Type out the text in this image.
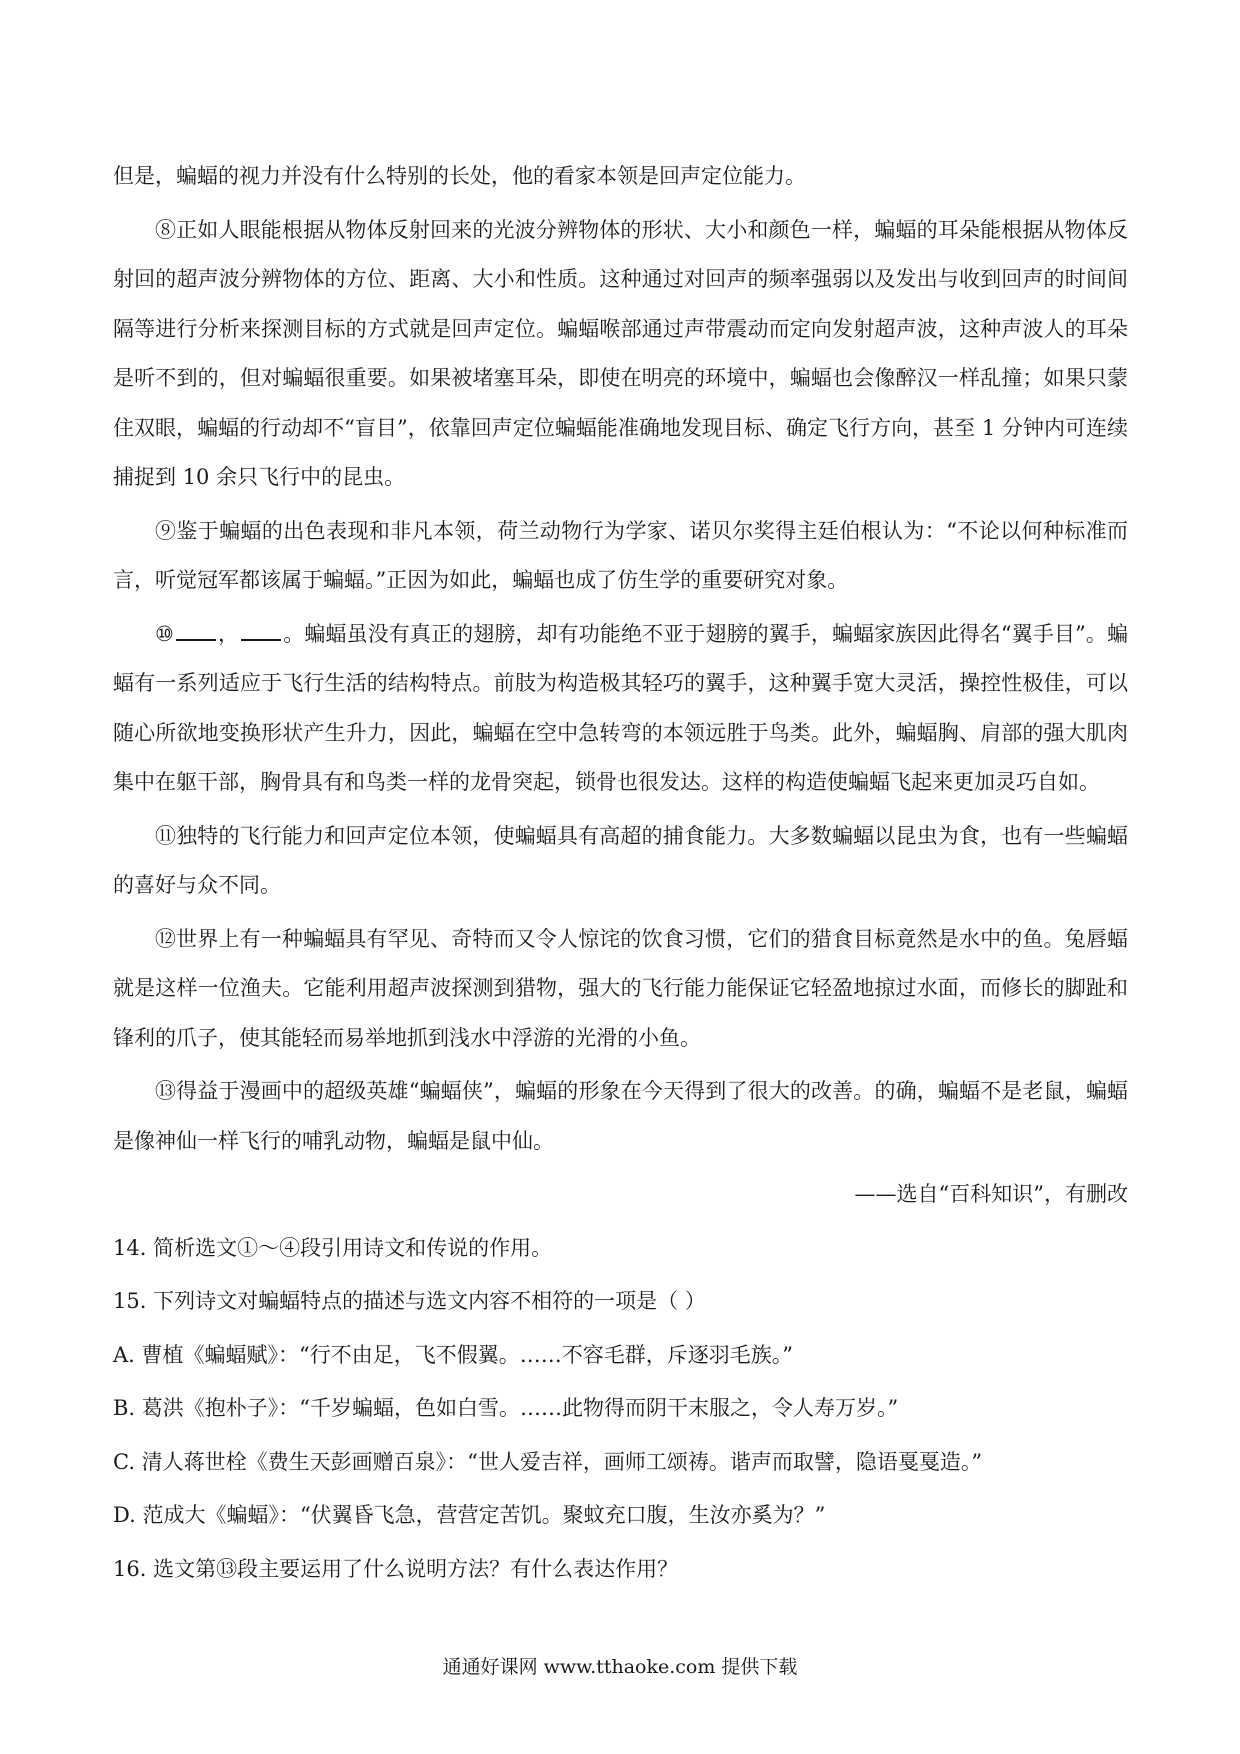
但是，蝙蝠的视力并没有什么特别的长处，他的看家本领是回声定位能力。

⑧正如人眼能根据从物体反射回来的光波分辨物体的形状、大小和颜色一样，蝙蝠的耳朵能根据从物体反射回的超声波分辨物体的方位、距离、大小和性质。这种通过对回声的频率强弱以及发出与收到回声的时间间隔等进行分析来探测目标的方式就是回声定位。蝙蝠喉部通过声带震动而定向发射超声波，这种声波人的耳朵是听不到的，但对蝙蝠很重要。如果被堵塞耳朵，即使在明亮的环境中，蝙蝠也会像醉汉一样乱撞；如果只蒙住双眼，蝙蝠的行动却不“盲目”，依靠回声定位蝙蝠能准确地发现目标、确定飞行方向，甚至 1 分钟内可连续捕捉到 10 余只飞行中的昆虫。

⑨鉴于蝙蝠的出色表现和非凡本领，荷兰动物行为学家、诺贝尔奖得主廷伯根认为：“不论以何种标准而言，听觉冠军都该属于蝙蝠。”正因为如此，蝙蝠也成了仿生学的重要研究对象。

⑩ ， 。蝙蝠虽没有真正的翅膀，却有功能绝不亚于翅膀的翼手，蝙蝠家族因此得名“翼手目”。蝙蝠有一系列适应于飞行生活的结构特点。前肢为构造极其轻巧的翼手，这种翼手宽大灵活，操控性极佳，可以随心所欲地变换形状产生升力，因此，蝙蝠在空中急转弯的本领远胜于鸟类。此外，蝙蝠胸、肩部的强大肌肉集中在躯干部，胸骨具有和鸟类一样的龙骨突起，锁骨也很发达。这样的构造使蝙蝠飞起来更加灵巧自如。

⑪独特的飞行能力和回声定位本领，使蝙蝠具有高超的捕食能力。大多数蝙蝠以昆虫为食，也有一些蝙蝠的喜好与众不同。

⑫世界上有一种蝙蝠具有罕见、奇特而又令人惊诧的饮食习惯，它们的猎食目标竟然是水中的鱼。兔唇蝠就是这样一位渔夫。它能利用超声波探测到猎物，强大的飞行能力能保证它轻盈地掠过水面，而修长的脚趾和锋利的爪子，使其能轻而易举地抓到浅水中浮游的光滑的小鱼。

⑬得益于漫画中的超级英雄“蝙蝠侠”，蝙蝠的形象在今天得到了很大的改善。的确，蝙蝠不是老鼠，蝙蝠是像神仙一样飞行的哺乳动物，蝙蝠是鼠中仙。

——选自“百科知识”，有删改

14. 简析选文①～④段引用诗文和传说的作用。

15. 下列诗文对蝙蝠特点的描述与选文内容不相符的一项是（ ）

A. 曹植《蝙蝠赋》：“行不由足，飞不假翼。……不容毛群，斥逐羽毛族。”

B. 葛洪《抱朴子》：“千岁蝙蝠，色如白雪。……此物得而阴干末服之，令人寿万岁。”

C. 清人蒋世栓《费生天彭画赠百泉》：“世人爱吉祥，画师工颂祷。谐声而取譬，隐语戛戛造。”

D. 范成大《蝙蝠》：“伏翼昏飞急，营营定苦饥。聚蚊充口腹，生汝亦奚为？”

16. 选文第⑬段主要运用了什么说明方法？有什么表达作用？

通通好课网 www.tthaoke.com 提供下载
